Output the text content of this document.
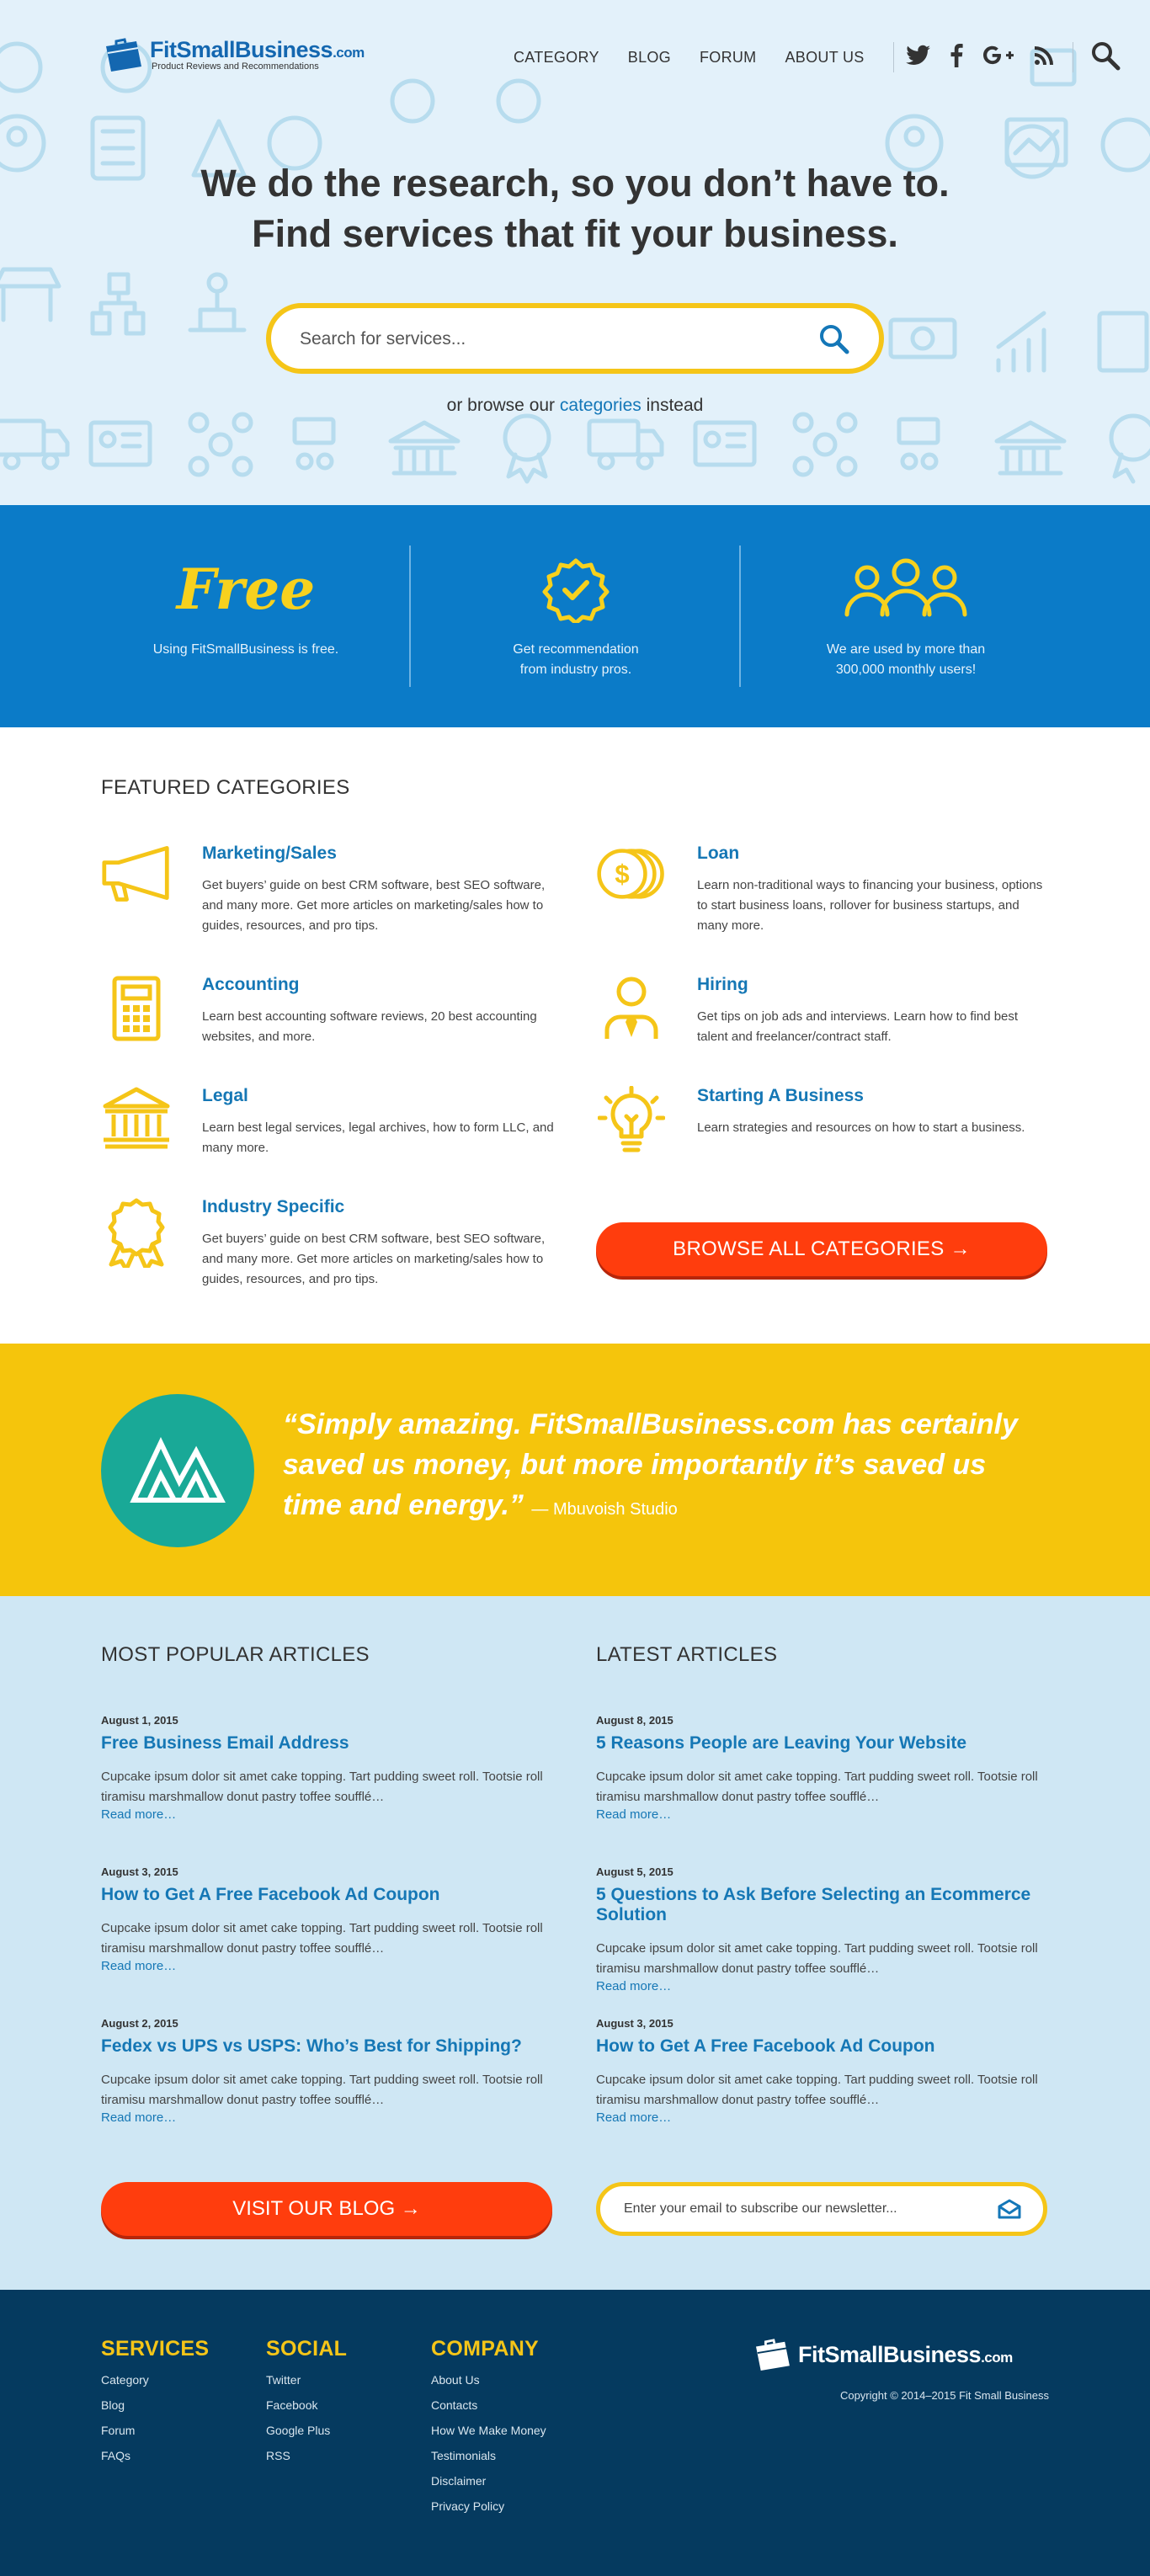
FitSmallBusiness.com
Product Reviews and Recommendations
CATEGORY BLOG FORUM ABOUT US
We do the research, so you don’t have to.
Find services that fit your business.
Search for services...
or browse our categories instead
Free
Using FitSmallBusiness is free.	Get recommendation
from industry pros.
We are used by more than
300,000 monthly users!
FEATURED CATEGORIES
Marketing/Sales
Get buyers’ guide on best CRM software, best SEO software, and many more. Get more articles on marketing/sales how to guides, resources, and pro tips.
$
Loan
Learn non-traditional ways to financing your business, options to start business loans, rollover for business startups, and many more.
Accounting
Learn best accounting software reviews, 20 best accounting websites, and more.
Hiring
Get tips on job ads and interviews. Learn how to find best talent and freelancer/contract staff.
Legal
Learn best legal services, legal archives, how to form LLC, and many more.
Starting A Business
Learn strategies and resources on how to start a business.
Industry Specific
Get buyers’ guide on best CRM software, best SEO software, and many more. Get more articles on marketing/sales how to guides, resources, and pro tips.
BROWSE ALL CATEGORIES →
“Simply amazing. FitSmallBusiness.com has certainly saved us money, but more importantly it’s saved us time and energy.” — Mbuvoish Studio
MOST POPULAR ARTICLES	LATEST ARTICLES
August 1, 2015
Free Business Email Address
Cupcake ipsum dolor sit amet cake topping. Tart pudding sweet roll. Tootsie roll tiramisu marshmallow donut pastry toffee soufflé…
Read more…
August 3, 2015
How to Get A Free Facebook Ad Coupon
Cupcake ipsum dolor sit amet cake topping. Tart pudding sweet roll. Tootsie roll tiramisu marshmallow donut pastry toffee soufflé…
Read more…
August 2, 2015
Fedex vs UPS vs USPS: Who’s Best for Shipping?
Cupcake ipsum dolor sit amet cake topping. Tart pudding sweet roll. Tootsie roll tiramisu marshmallow donut pastry toffee soufflé…
Read more…
August 8, 2015
5 Reasons People are Leaving Your Website
Cupcake ipsum dolor sit amet cake topping. Tart pudding sweet roll. Tootsie roll tiramisu marshmallow donut pastry toffee soufflé…
Read more…
August 5, 2015
5 Questions to Ask Before Selecting an Ecommerce Solution
Cupcake ipsum dolor sit amet cake topping. Tart pudding sweet roll. Tootsie roll tiramisu marshmallow donut pastry toffee soufflé…
Read more…
August 3, 2015
How to Get A Free Facebook Ad Coupon
Cupcake ipsum dolor sit amet cake topping. Tart pudding sweet roll. Tootsie roll tiramisu marshmallow donut pastry toffee soufflé…
Read more…
VISIT OUR BLOG →
Enter your email to subscribe our newsletter...
SERVICES
Category
Blog
Forum
FAQs
SOCIAL
Twitter
Facebook
Google Plus
RSS
COMPANY
About Us
Contacts
How We Make Money
Testimonials
Disclaimer
Privacy Policy
FitSmallBusiness.com
Copyright © 2014–2015 Fit Small Business
